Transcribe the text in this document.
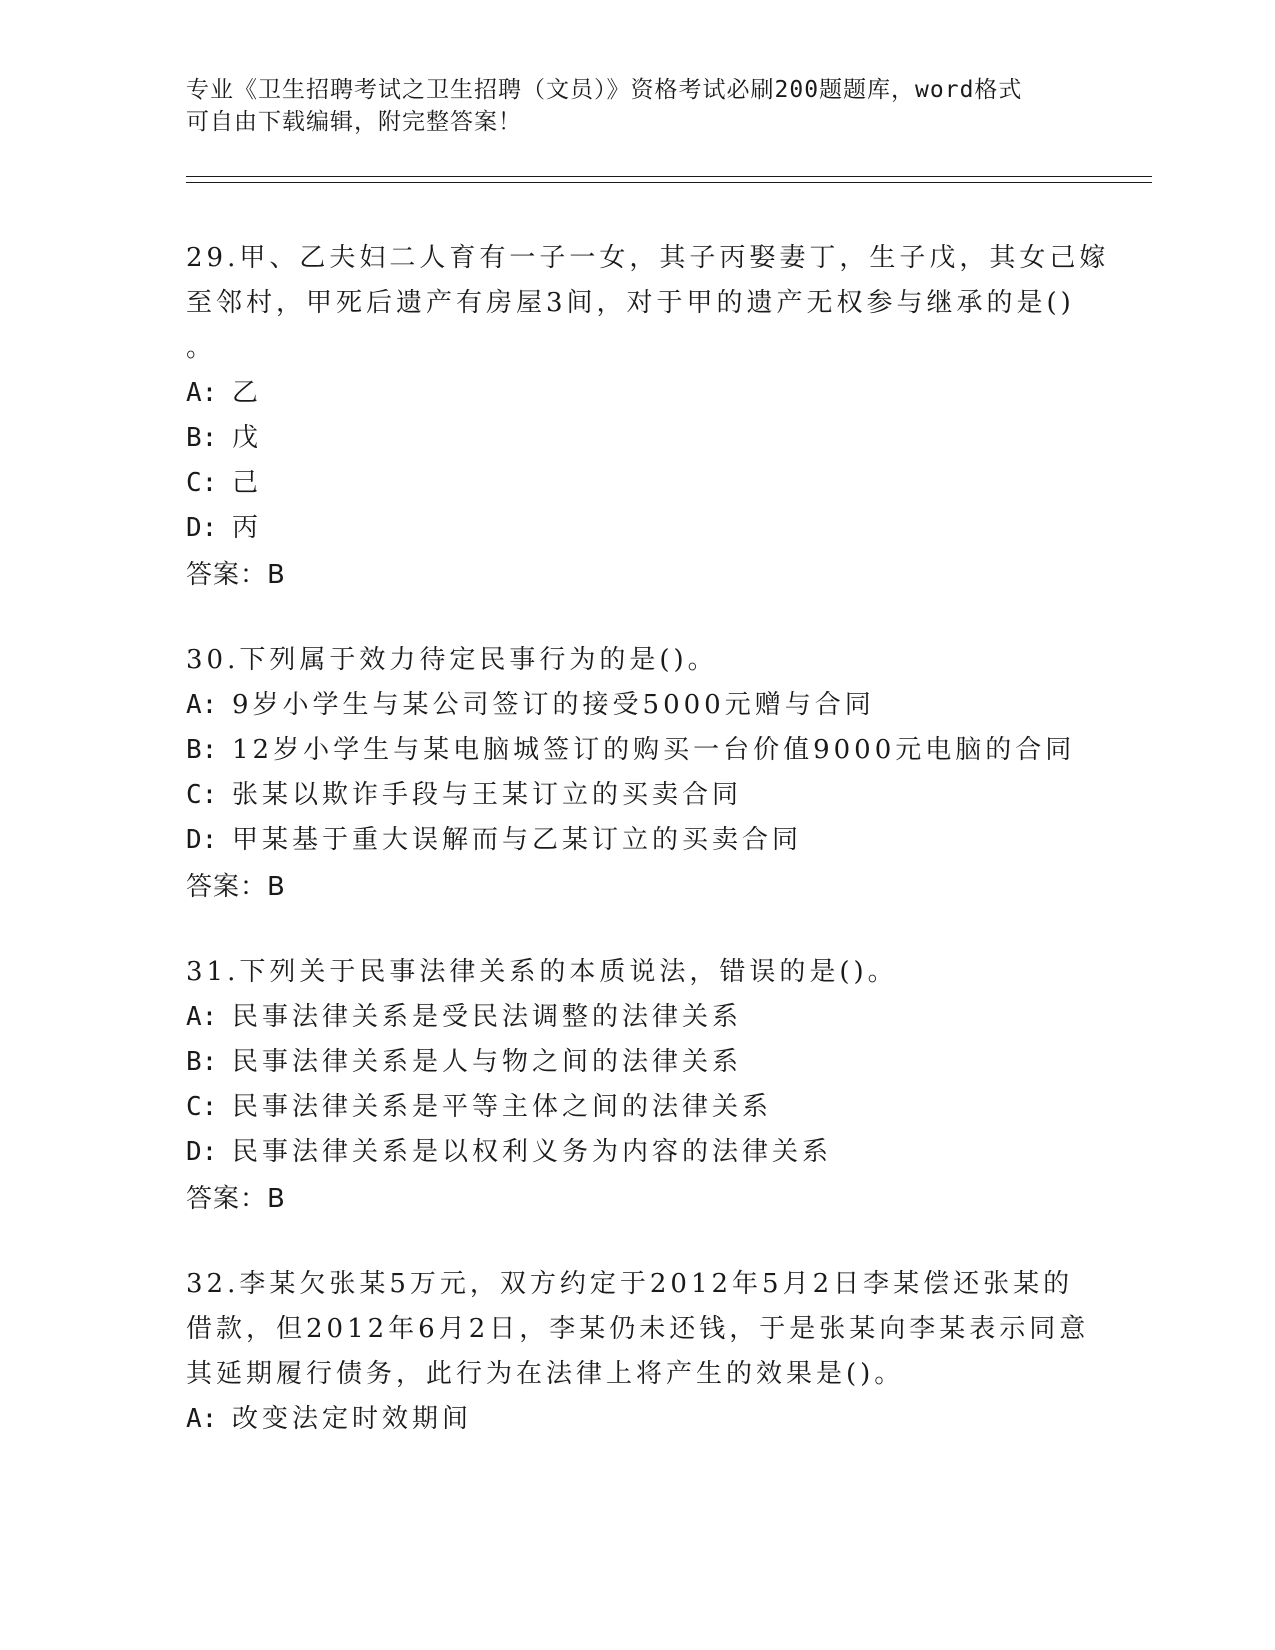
专业《卫生招聘考试之卫生招聘（文员）》资格考试必刷200题题库，word格式
可自由下载编辑，附完整答案！
29.甲、乙夫妇二人育有一子一女，其子丙娶妻丁，生子戊，其女己嫁
至邻村，甲死后遗产有房屋3间，对于甲的遗产无权参与继承的是()
。
A: 乙
B: 戊
C: 己
D: 丙
答案：B
30.下列属于效力待定民事行为的是()。
A: 9岁小学生与某公司签订的接受5000元赠与合同
B: 12岁小学生与某电脑城签订的购买一台价值9000元电脑的合同
C: 张某以欺诈手段与王某订立的买卖合同
D: 甲某基于重大误解而与乙某订立的买卖合同
答案：B
31.下列关于民事法律关系的本质说法，错误的是()。
A: 民事法律关系是受民法调整的法律关系
B: 民事法律关系是人与物之间的法律关系
C: 民事法律关系是平等主体之间的法律关系
D: 民事法律关系是以权利义务为内容的法律关系
答案：B
32.李某欠张某5万元，双方约定于2012年5月2日李某偿还张某的
借款，但2012年6月2日，李某仍未还钱，于是张某向李某表示同意
其延期履行债务，此行为在法律上将产生的效果是()。
A: 改变法定时效期间
